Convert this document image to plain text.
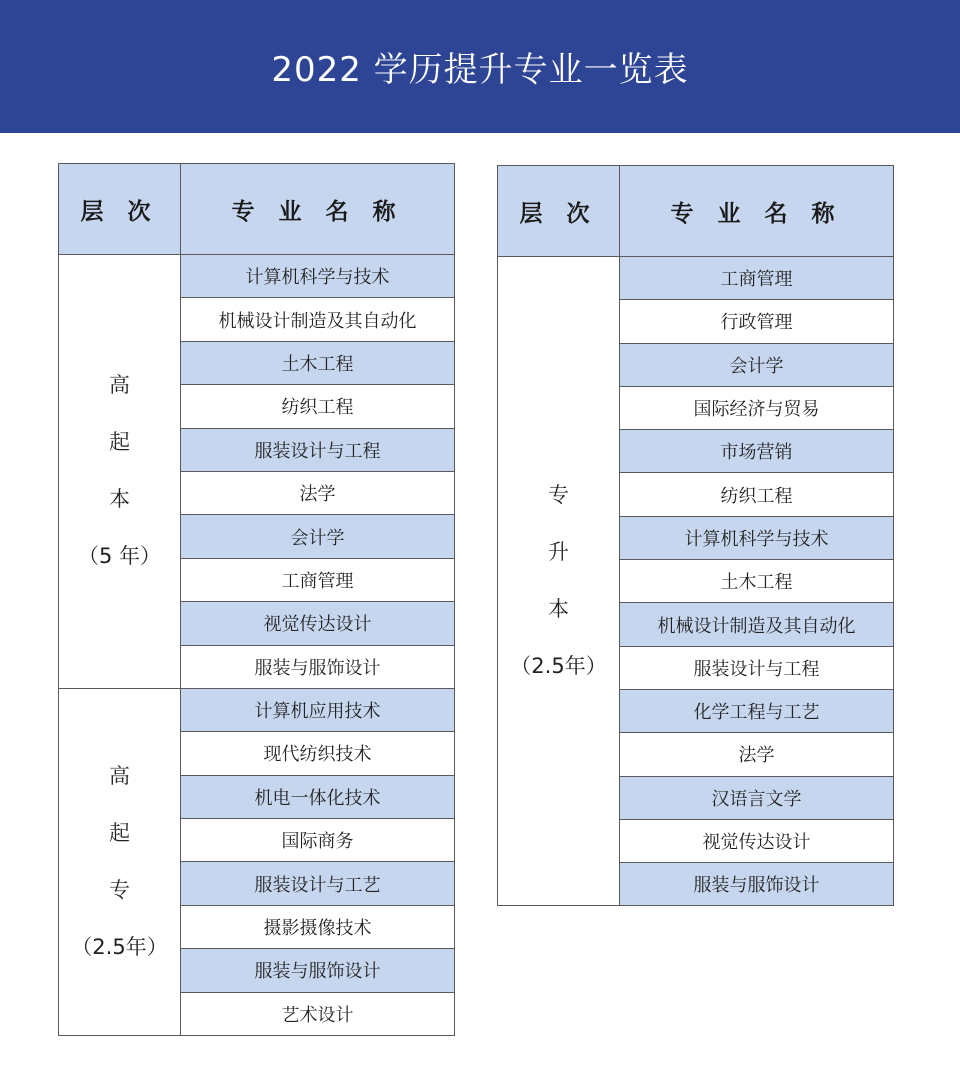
2022 学历提升专业一览表
层 次	专 业 名 称

高
起
本
（5 年）	计算机科学与技术
	机械设计制造及其自动化
	土木工程
	纺织工程
	服装设计与工程
	法学
	会计学
	工商管理
	视觉传达设计
	服装与服饰设计

高
起
专
（2.5年）	计算机应用技术
	现代纺织技术
	机电一体化技术
	国际商务
	服装设计与工艺
	摄影摄像技术
	服装与服饰设计
	艺术设计
层 次	专 业 名 称

专
升
本
（2.5年）	工商管理
	行政管理
	会计学
	国际经济与贸易
	市场营销
	纺织工程
	计算机科学与技术
	土木工程
	机械设计制造及其自动化
	服装设计与工程
	化学工程与工艺
	法学
	汉语言文学
	视觉传达设计
	服装与服饰设计
